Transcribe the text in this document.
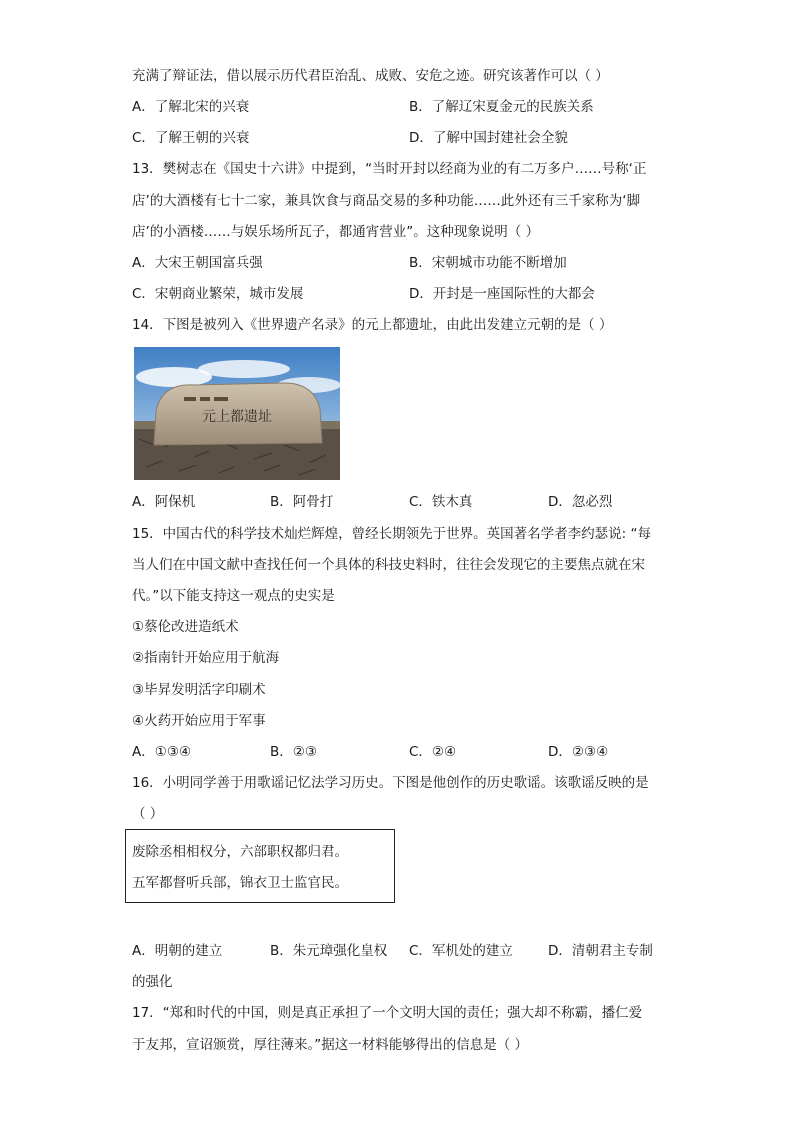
充满了辩证法，借以展示历代君臣治乱、成败、安危之迹。研究该著作可以（ ）
A．了解北宋的兴衰	B．了解辽宋夏金元的民族关系
C．了解王朝的兴衰	D．了解中国封建社会全貌
13．樊树志在《国史十六讲》中提到，“当时开封以经商为业的有二万多户……号称‘正
店’的大酒楼有七十二家，兼具饮食与商品交易的多种功能……此外还有三千家称为‘脚
店’的小酒楼……与娱乐场所瓦子，都通宵营业”。这种现象说明（ ）
A．大宋王朝国富兵强	B．宋朝城市功能不断增加
C．宋朝商业繁荣，城市发展	D．开封是一座国际性的大都会
14．下图是被列入《世界遗产名录》的元上都遗址，由此出发建立元朝的是（ ）
元上都遗址
A．阿保机	B．阿骨打	C．铁木真	D．忽必烈
15．中国古代的科学技术灿烂辉煌，曾经长期领先于世界。英国著名学者李约瑟说: “每
当人们在中国文献中查找任何一个具体的科技史料时，往往会发现它的主要焦点就在宋
代。”以下能支持这一观点的史实是
①蔡伦改进造纸术
②指南针开始应用于航海
③毕昇发明活字印刷术
④火药开始应用于军事
A．①③④	B．②③	C．②④	D．②③④
16．小明同学善于用歌谣记忆法学习历史。下图是他创作的历史歌谣。该歌谣反映的是
（ ）
废除丞相相权分，六部职权都归君。
五军都督听兵部，锦衣卫士监官民。
A．明朝的建立	B．朱元璋强化皇权 C．军机处的建立	D．清朝君主专制
的强化
17．“郑和时代的中国，则是真正承担了一个文明大国的责任；强大却不称霸，播仁爱
于友邦，宣诏颁赏，厚往薄来。”据这一材料能够得出的信息是（ ）
